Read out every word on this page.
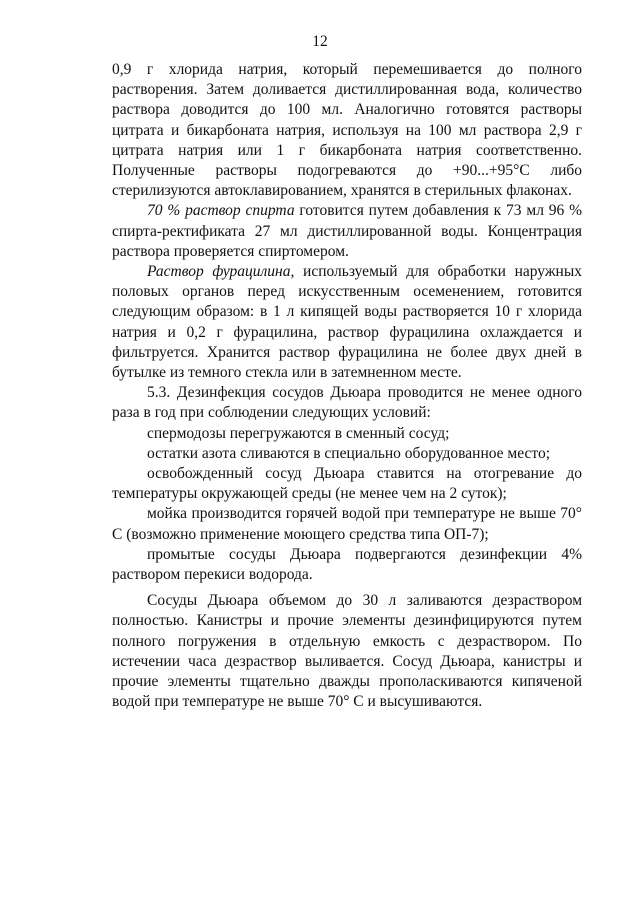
12

0,9 г хлорида натрия, который перемешивается до полного растворения. Затем доливается дистиллированная вода, количество раствора доводится до 100 мл. Аналогично готовятся растворы цитрата и бикарбоната натрия, используя на 100 мл раствора 2,9 г цитрата натрия или 1 г бикарбоната натрия соответственно. Полученные растворы подогреваются до +90...+95°С либо стерилизуются автоклавированием, хранятся в стерильных флаконах.

70 % раствор спирта готовится путем добавления к 73 мл 96 % спирта-ректификата 27 мл дистиллированной воды. Концентрация раствора проверяется спиртомером.

Раствор фурацилина, используемый для обработки наружных половых органов перед искусственным осеменением, готовится следующим образом: в 1 л кипящей воды растворяется 10 г хлорида натрия и 0,2 г фурацилина, раствор фурацилина охлаждается и фильтруется. Хранится раствор фурацилина не более двух дней в бутылке из темного стекла или в затемненном месте.

5.3. Дезинфекция сосудов Дьюара проводится не менее одного раза в год при соблюдении следующих условий:

спермодозы перегружаются в сменный сосуд;

остатки азота сливаются в специально оборудованное место;

освобожденный сосуд Дьюара ставится на отогревание до температуры окружающей среды (не менее чем на 2 суток);

мойка производится горячей водой при температуре не выше 70° С (возможно применение моющего средства типа ОП-7);

промытые сосуды Дьюара подвергаются дезинфекции 4% раствором перекиси водорода.

Сосуды Дьюара объемом до 30 л заливаются дезраствором полностью. Канистры и прочие элементы дезинфицируются путем полного погружения в отдельную емкость с дезраствором. По истечении часа дезраствор выливается. Сосуд Дьюара, канистры и прочие элементы тщательно дважды прополаскиваются кипяченой водой при температуре не выше 70° С и высушиваются.
